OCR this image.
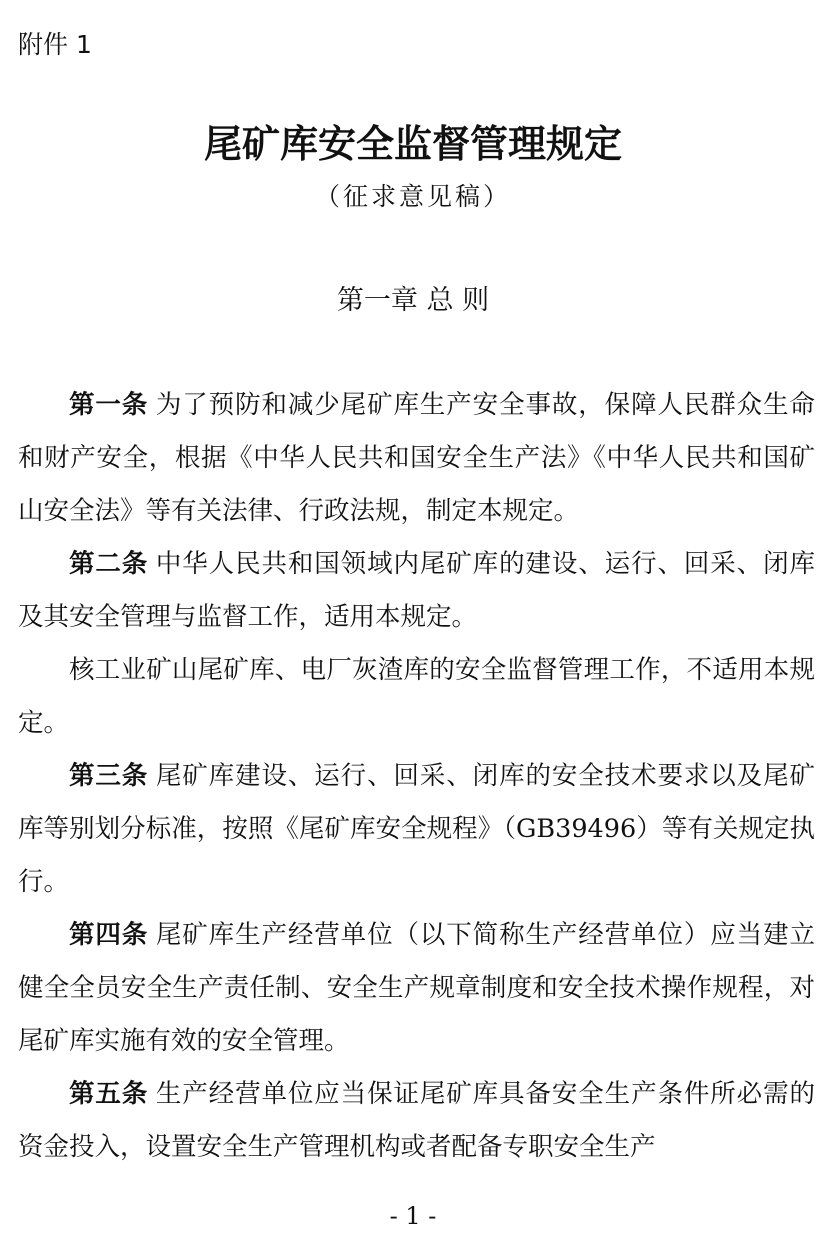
附件 1
尾矿库安全监督管理规定
（征求意见稿）
第一章 总 则

第一条 为了预防和减少尾矿库生产安全事故，保障人民群众生命和财产安全，根据《中华人民共和国安全生产法》《中华人民共和国矿山安全法》等有关法律、行政法规，制定本规定。

第二条 中华人民共和国领域内尾矿库的建设、运行、回采、闭库及其安全管理与监督工作，适用本规定。

核工业矿山尾矿库、电厂灰渣库的安全监督管理工作，不适用本规定。

第三条 尾矿库建设、运行、回采、闭库的安全技术要求以及尾矿库等别划分标准，按照《尾矿库安全规程》（GB39496）等有关规定执行。

第四条 尾矿库生产经营单位（以下简称生产经营单位）应当建立健全全员安全生产责任制、安全生产规章制度和安全技术操作规程，对尾矿库实施有效的安全管理。

第五条 生产经营单位应当保证尾矿库具备安全生产条件所必需的资金投入，设置安全生产管理机构或者配备专职安全生产

- 1 -
